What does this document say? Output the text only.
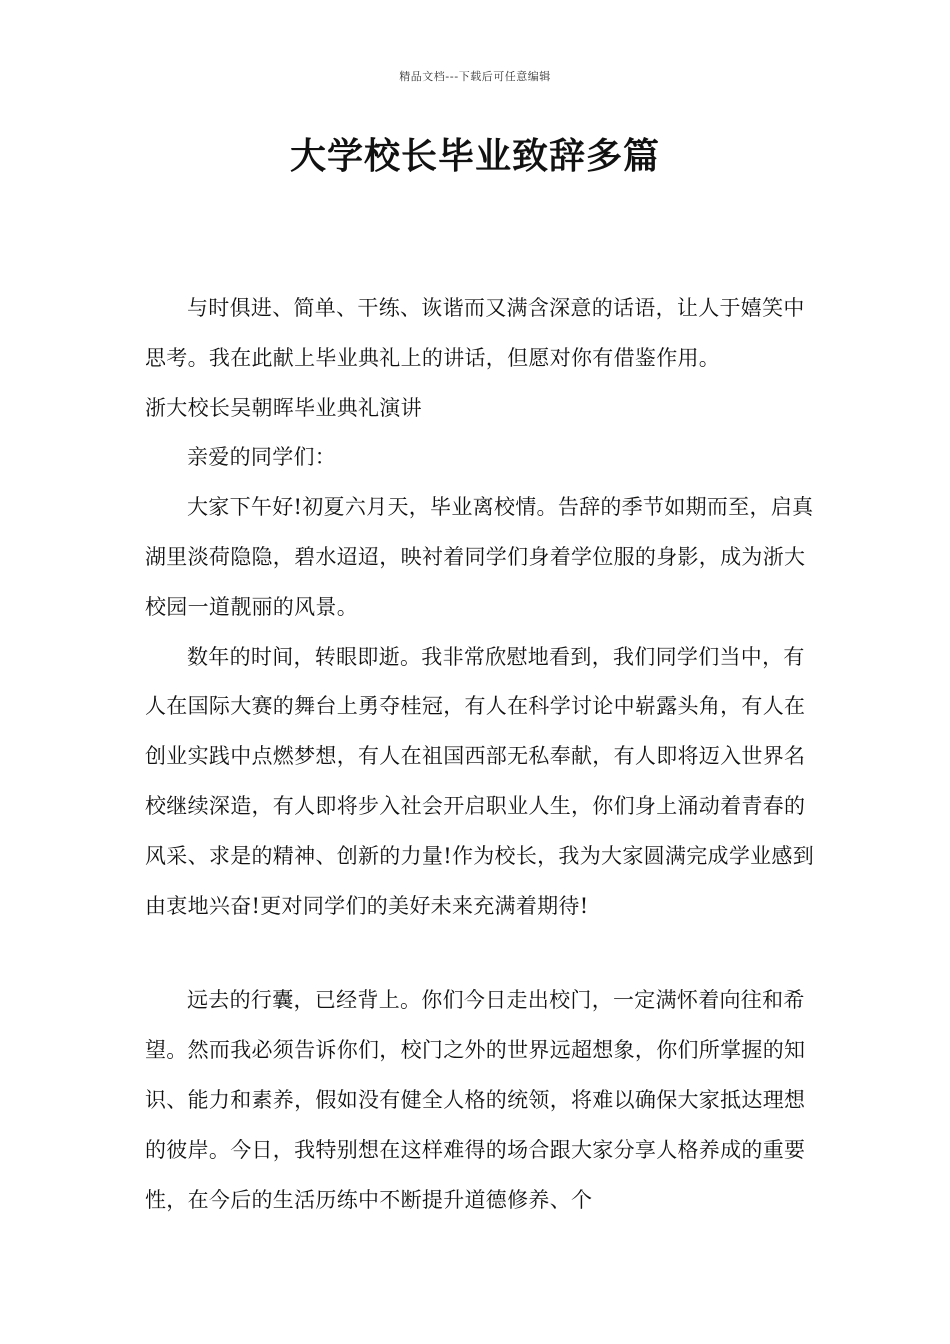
精品文档---下载后可任意编辑
大学校长毕业致辞多篇

与时俱进、简单、干练、诙谐而又满含深意的话语，让人于嬉笑中思考。我在此献上毕业典礼上的讲话，但愿对你有借鉴作用。

浙大校长吴朝晖毕业典礼演讲

亲爱的同学们：

大家下午好!初夏六月天，毕业离校情。告辞的季节如期而至，启真湖里淡荷隐隐，碧水迢迢，映衬着同学们身着学位服的身影，成为浙大校园一道靓丽的风景。

数年的时间，转眼即逝。我非常欣慰地看到，我们同学们当中，有人在国际大赛的舞台上勇夺桂冠，有人在科学讨论中崭露头角，有人在创业实践中点燃梦想，有人在祖国西部无私奉献，有人即将迈入世界名校继续深造，有人即将步入社会开启职业人生，你们身上涌动着青春的风采、求是的精神、创新的力量!作为校长，我为大家圆满完成学业感到由衷地兴奋!更对同学们的美好未来充满着期待!

远去的行囊，已经背上。你们今日走出校门，一定满怀着向往和希望。然而我必须告诉你们，校门之外的世界远超想象，你们所掌握的知识、能力和素养，假如没有健全人格的统领，将难以确保大家抵达理想的彼岸。今日，我特别想在这样难得的场合跟大家分享人格养成的重要性，在今后的生活历练中不断提升道德修养、个
